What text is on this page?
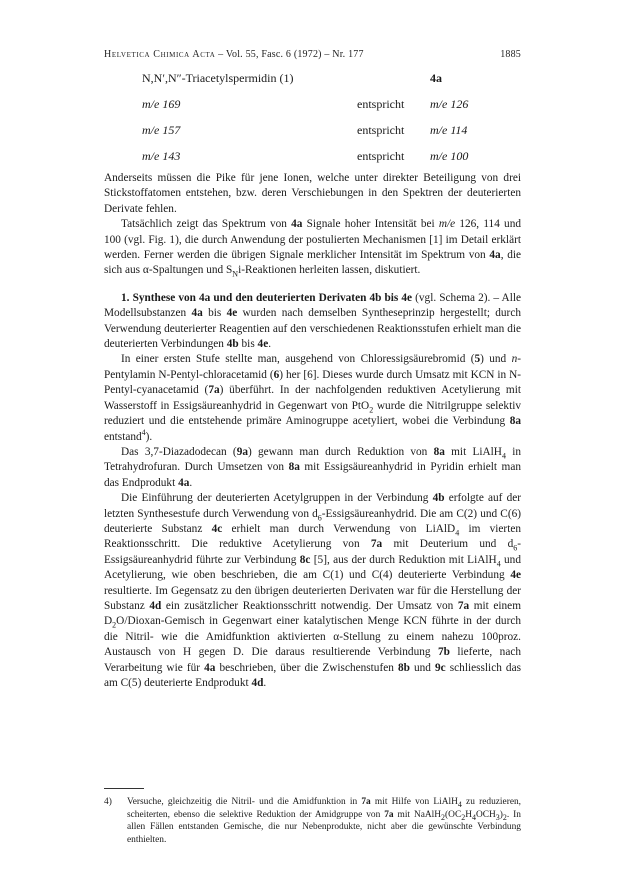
Helvetica Chimica Acta – Vol. 55, Fasc. 6 (1972) – Nr. 177	1885
N,N′,N″-Triacetylspermidin (1)	4a
m/e 169	entspricht m/e 126
m/e 157	entspricht m/e 114
m/e 143	entspricht m/e 100

Anderseits müssen die Pike für jene Ionen, welche unter direkter Beteiligung von drei Stickstoffatomen entstehen, bzw. deren Verschiebungen in den Spektren der deuterierten Derivate fehlen.

Tatsächlich zeigt das Spektrum von 4a Signale hoher Intensität bei m/e 126, 114 und 100 (vgl. Fig. 1), die durch Anwendung der postulierten Mechanismen [1] im Detail erklärt werden. Ferner werden die übrigen Signale merklicher Intensität im Spektrum von 4a, die sich aus α-Spaltungen und $S_Ni$-Reaktionen herleiten lassen, diskutiert.

1. Synthese von 4a und den deuterierten Derivaten 4b bis 4e (vgl. Schema 2). – Alle Modellsubstanzen 4a bis 4e wurden nach demselben Syntheseprinzip hergestellt; durch Verwendung deuterierter Reagentien auf den verschiedenen Reaktionsstufen erhielt man die deuterierten Verbindungen 4b bis 4e.

In einer ersten Stufe stellte man, ausgehend von Chloressigsäurebromid (5) und n-Pentylamin N-Pentyl-chloracetamid (6) her [6]. Dieses wurde durch Umsatz mit KCN in N-Pentyl-cyanacetamid (7a) überführt. In der nachfolgenden reduktiven Acetylierung mit Wasserstoff in Essigsäureanhydrid in Gegenwart von PtO$_2$ wurde die Nitrilgruppe selektiv reduziert und die entstehende primäre Aminogruppe acetyliert, wobei die Verbindung 8a entstand$^4$).

Das 3,7-Diazadodecan (9a) gewann man durch Reduktion von 8a mit LiAlH$_4$ in Tetrahydrofuran. Durch Umsetzen von 8a mit Essigsäureanhydrid in Pyridin erhielt man das Endprodukt 4a.

Die Einführung der deuterierten Acetylgruppen in der Verbindung 4b erfolgte auf der letzten Synthesestufe durch Verwendung von $d_6$-Essigsäureanhydrid. Die am C(2) und C(6) deuterierte Substanz 4c erhielt man durch Verwendung von LiAlD$_4$ im vierten Reaktionsschritt. Die reduktive Acetylierung von 7a mit Deuterium und $d_6$-Essigsäureanhydrid führte zur Verbindung 8c [5], aus der durch Reduktion mit LiAlH$_4$ und Acetylierung, wie oben beschrieben, die am C(1) und C(4) deuterierte Verbindung 4e resultierte. Im Gegensatz zu den übrigen deuterierten Derivaten war für die Herstellung der Substanz 4d ein zusätzlicher Reaktionsschritt notwendig. Der Umsatz von 7a mit einem $D_2O/Dioxan$-Gemisch in Gegenwart einer katalytischen Menge KCN führte in der durch die Nitril- wie die Amidfunktion aktivierten α-Stellung zu einem nahezu 100proz. Austausch von H gegen D. Die daraus resultierende Verbindung 7b lieferte, nach Verarbeitung wie für 4a beschrieben, über die Zwischenstufen 8b und 9c schliesslich das am C(5) deuterierte Endprodukt 4d.

4) Versuche, gleichzeitig die Nitril- und die Amidfunktion in 7a mit Hilfe von LiAlH$_4$ zu reduzieren, scheiterten, ebenso die selektive Reduktion der Amidgruppe von 7a mit $NaAlH_2(OC_2H_4OCH_3)_2$. In allen Fällen entstanden Gemische, die nur Nebenprodukte, nicht aber die gewünschte Verbindung enthielten.
